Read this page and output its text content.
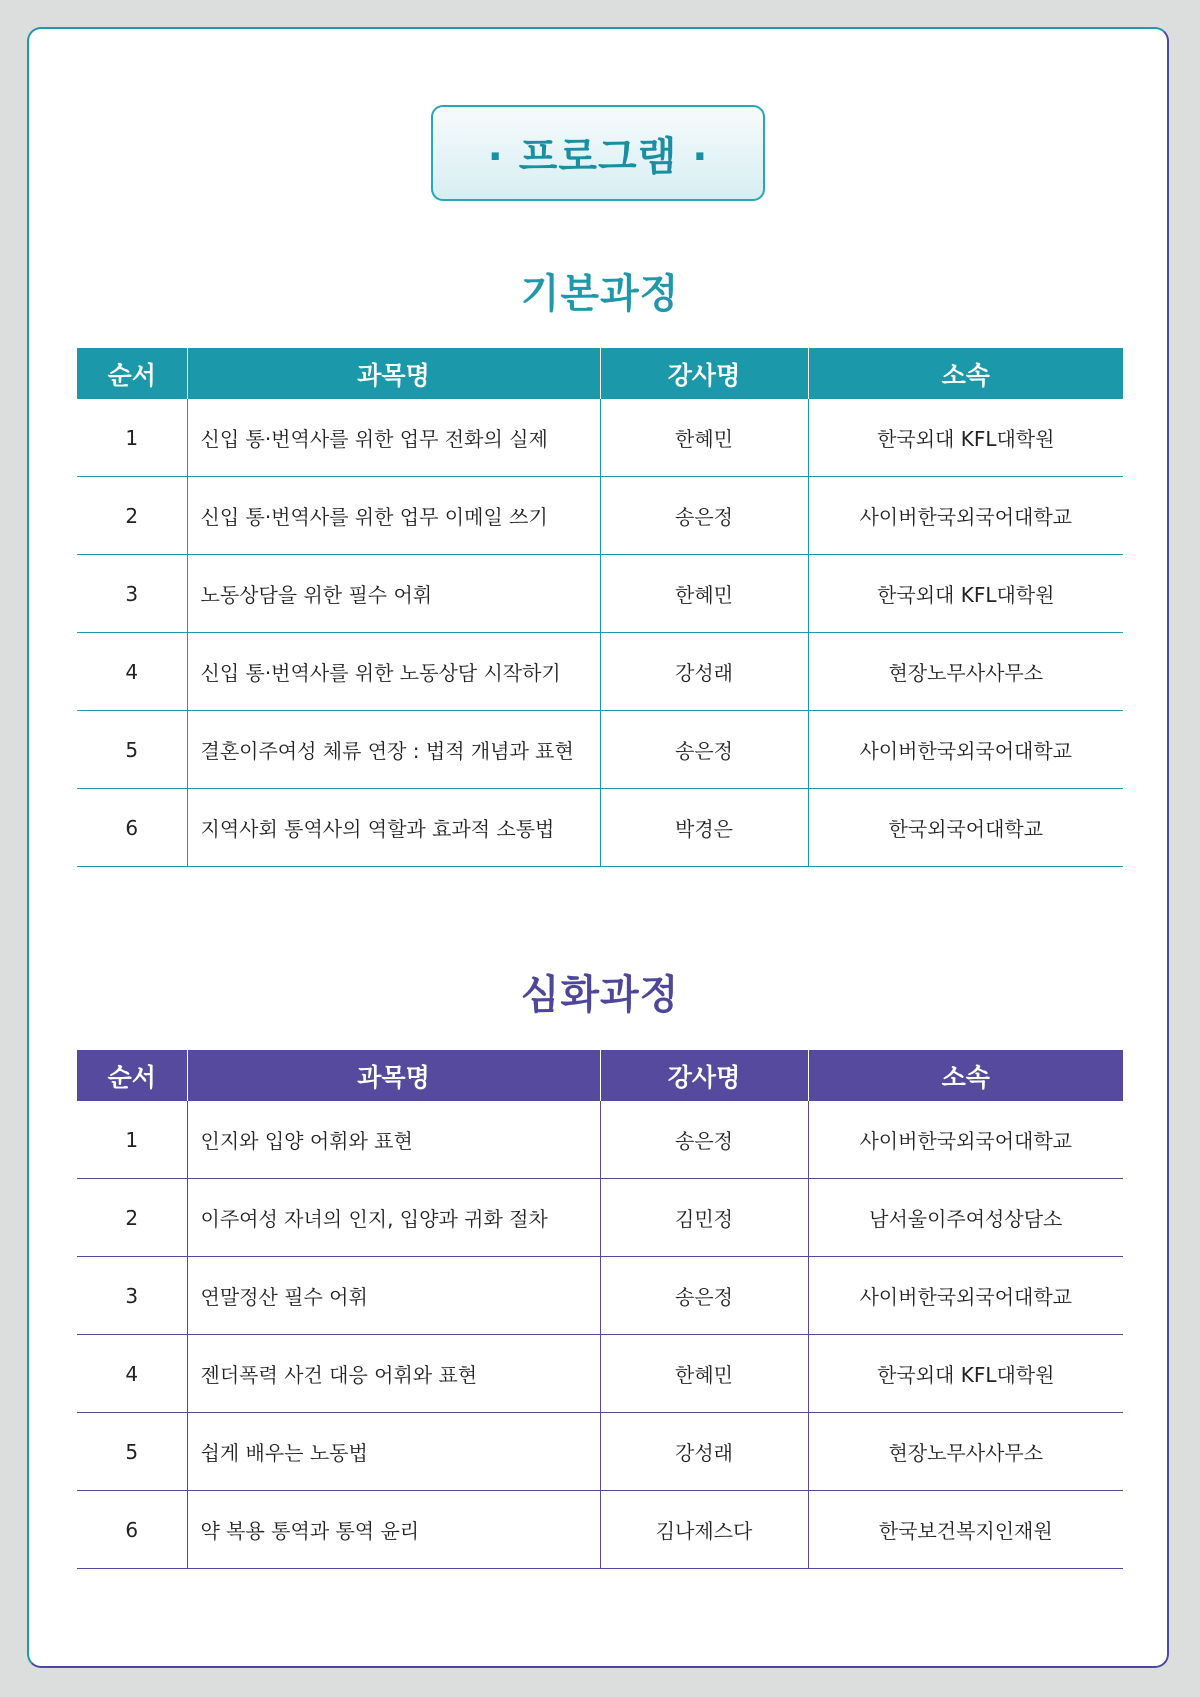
· 프로그램 ·
기본과정
순서	과목명	강사명	소속
1	신입 통·번역사를 위한 업무 전화의 실제	한혜민	한국외대 KFL대학원
2	신입 통·번역사를 위한 업무 이메일 쓰기	송은정	사이버한국외국어대학교
3	노동상담을 위한 필수 어휘	한혜민	한국외대 KFL대학원
4	신입 통·번역사를 위한 노동상담 시작하기	강성래	현장노무사사무소
5	결혼이주여성 체류 연장 : 법적 개념과 표현	송은정	사이버한국외국어대학교
6	지역사회 통역사의 역할과 효과적 소통법	박경은	한국외국어대학교
심화과정
순서	과목명	강사명	소속
1	인지와 입양 어휘와 표현	송은정	사이버한국외국어대학교
2	이주여성 자녀의 인지, 입양과 귀화 절차	김민정	남서울이주여성상담소
3	연말정산 필수 어휘	송은정	사이버한국외국어대학교
4	젠더폭력 사건 대응 어휘와 표현	한혜민	한국외대 KFL대학원
5	쉽게 배우는 노동법	강성래	현장노무사사무소
6	약 복용 통역과 통역 윤리	김나제스다	한국보건복지인재원
